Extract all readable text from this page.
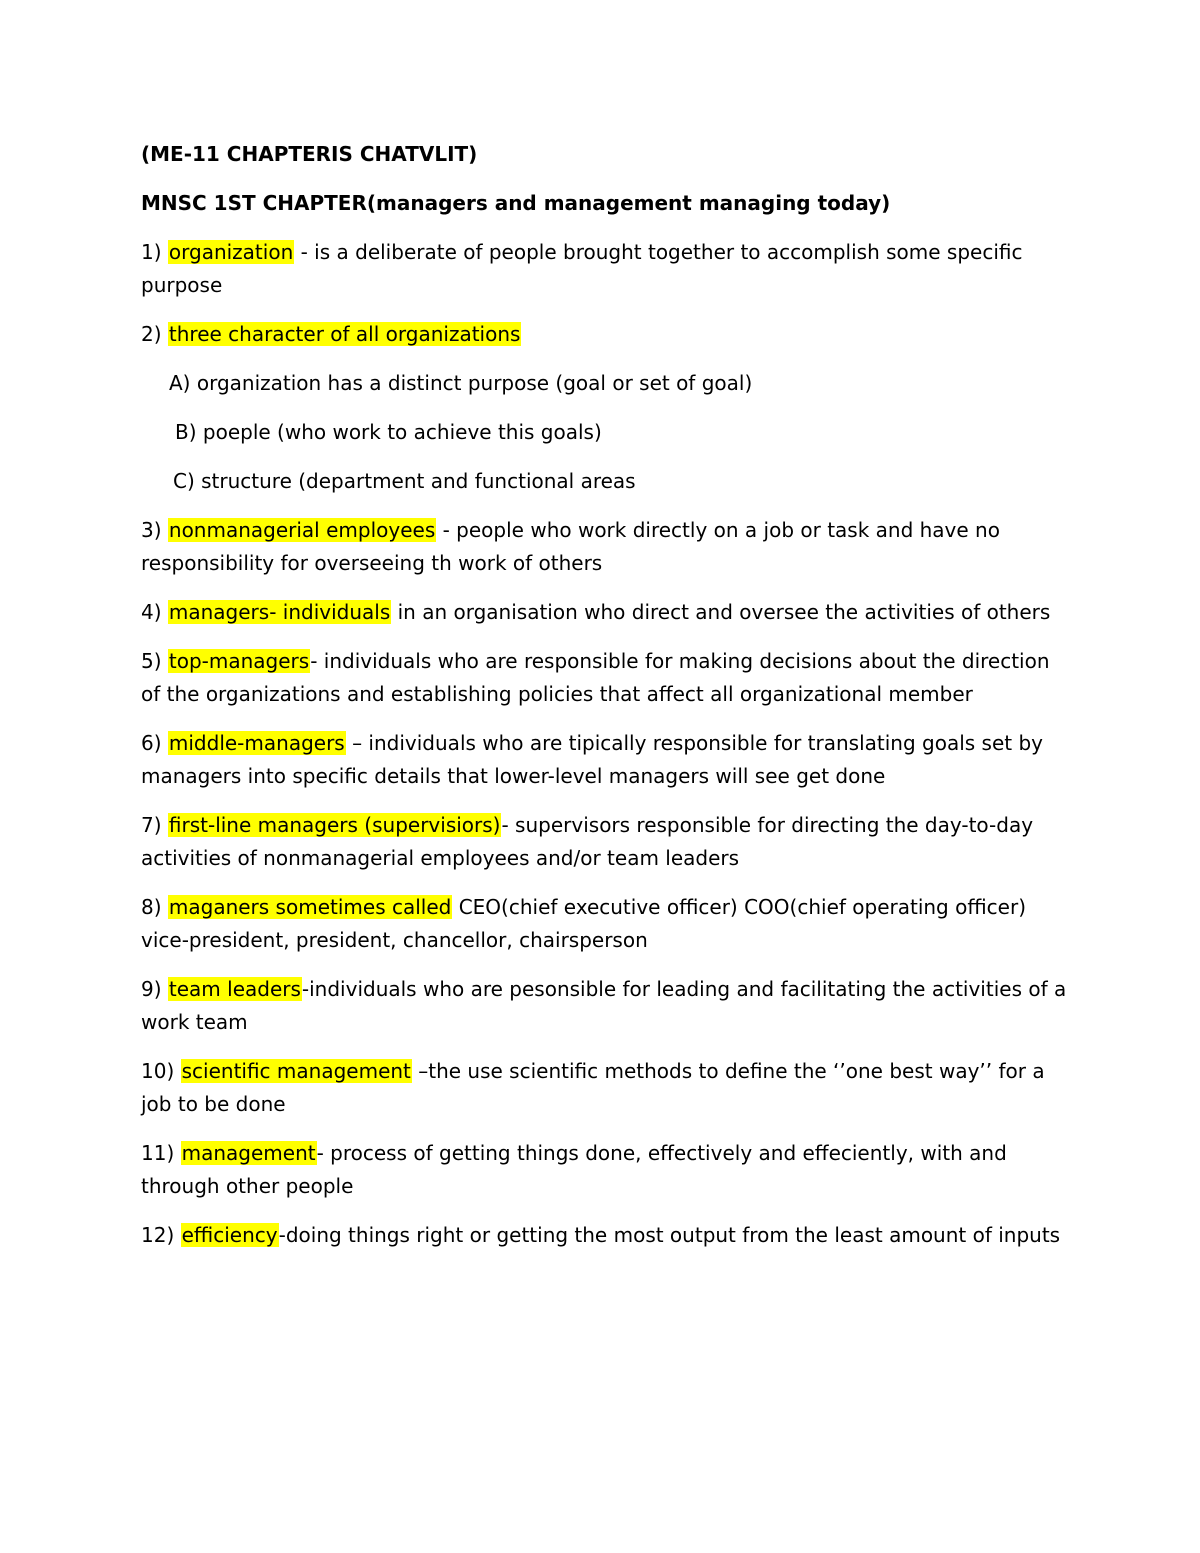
(ME-11 CHAPTERIS CHATVLIT)

MNSC 1ST CHAPTER(managers and management managing today)

1) organization - is a deliberate of people brought together to accomplish some specific purpose

2) three character of all organizations

A) organization has a distinct purpose (goal or set of goal)

B) poeple (who work to achieve this goals)

C) structure (department and functional areas

3) nonmanagerial employees - people who work directly on a job or task and have no responsibility for overseeing th work of others

4) managers- individuals in an organisation who direct and oversee the activities of others

5) top-managers- individuals who are responsible for making decisions about the direction of the organizations and establishing policies that affect all organizational member

6) middle-managers – individuals who are tipically responsible for translating goals set by managers into specific details that lower-level managers will see get done

7) first-line managers (supervisiors)- supervisors responsible for directing the day-to-day activities of nonmanagerial employees and/or team leaders

8) maganers sometimes called CEO(chief executive officer) COO(chief operating officer) vice-president, president, chancellor, chairsperson

9) team leaders-individuals who are pesonsible for leading and facilitating the activities of a work team

10) scientific management –the use scientific methods to define the ‘’one best way’’ for a job to be done

11) management- process of getting things done, effectively and effeciently, with and through other people

12) efficiency-doing things right or getting the most output from the least amount of inputs
